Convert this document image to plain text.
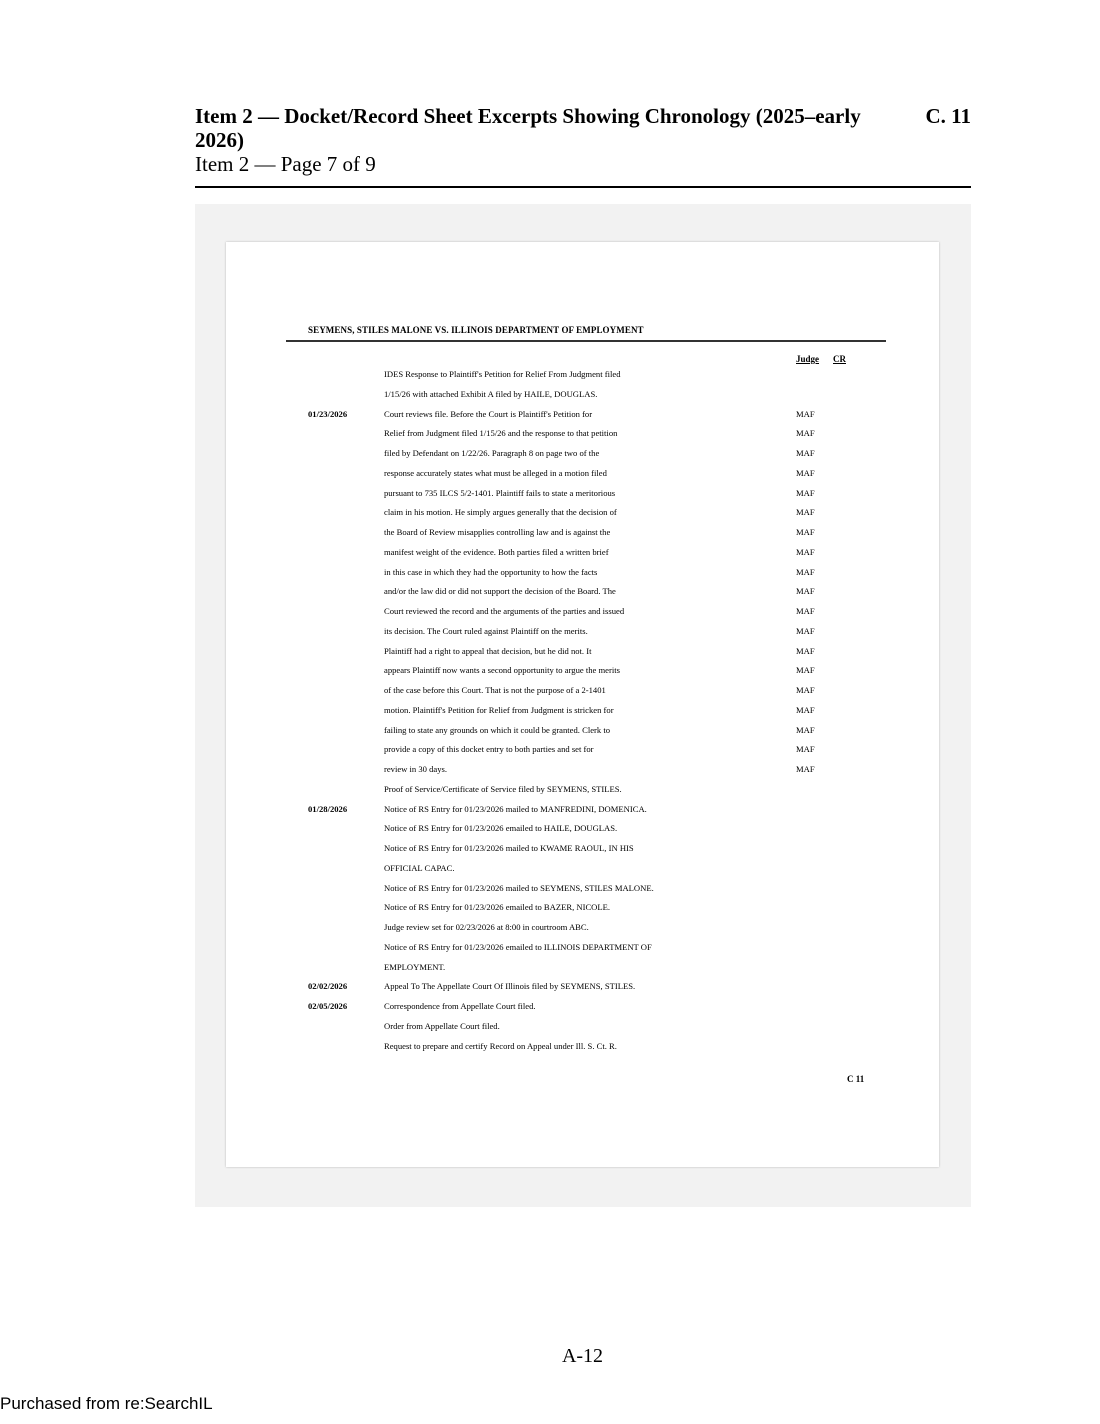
Item 2 — Docket/Record Sheet Excerpts Showing Chronology (2025–early 2026)
C. 11
Item 2 — Page 7 of 9
SEYMENS, STILES MALONE VS. ILLINOIS DEPARTMENT OF EMPLOYMENT
Judge CR
IDES Response to Plaintiff's Petition for Relief From Judgment filed
1/15/26 with attached Exhibit A filed by HAILE, DOUGLAS.
01/23/2026	Court reviews file. Before the Court is Plaintiff's Petition for	MAF
Relief from Judgment filed 1/15/26 and the response to that petition	MAF
filed by Defendant on 1/22/26. Paragraph 8 on page two of the	MAF
response accurately states what must be alleged in a motion filed	MAF
pursuant to 735 ILCS 5/2-1401. Plaintiff fails to state a meritorious	MAF
claim in his motion. He simply argues generally that the decision of	MAF
the Board of Review misapplies controlling law and is against the	MAF
manifest weight of the evidence. Both parties filed a written brief	MAF
in this case in which they had the opportunity to how the facts	MAF
and/or the law did or did not support the decision of the Board. The	MAF
Court reviewed the record and the arguments of the parties and issued	MAF
its decision. The Court ruled against Plaintiff on the merits.	MAF
Plaintiff had a right to appeal that decision, but he did not. It	MAF
appears Plaintiff now wants a second opportunity to argue the merits	MAF
of the case before this Court. That is not the purpose of a 2-1401	MAF
motion. Plaintiff's Petition for Relief from Judgment is stricken for	MAF
failing to state any grounds on which it could be granted. Clerk to	MAF
provide a copy of this docket entry to both parties and set for	MAF
review in 30 days.	MAF
Proof of Service/Certificate of Service filed by SEYMENS, STILES.
01/28/2026	Notice of RS Entry for 01/23/2026 mailed to MANFREDINI, DOMENICA.
Notice of RS Entry for 01/23/2026 emailed to HAILE, DOUGLAS.
Notice of RS Entry for 01/23/2026 mailed to KWAME RAOUL, IN HIS
OFFICIAL CAPAC.
Notice of RS Entry for 01/23/2026 mailed to SEYMENS, STILES MALONE.
Notice of RS Entry for 01/23/2026 emailed to BAZER, NICOLE.
Judge review set for 02/23/2026 at 8:00 in courtroom ABC.
Notice of RS Entry for 01/23/2026 emailed to ILLINOIS DEPARTMENT OF
EMPLOYMENT.
02/02/2026	Appeal To The Appellate Court Of Illinois filed by SEYMENS, STILES.
02/05/2026	Correspondence from Appellate Court filed.
Order from Appellate Court filed.
Request to prepare and certify Record on Appeal under Ill. S. Ct. R.
C 11
A-12
Purchased from re:SearchIL
